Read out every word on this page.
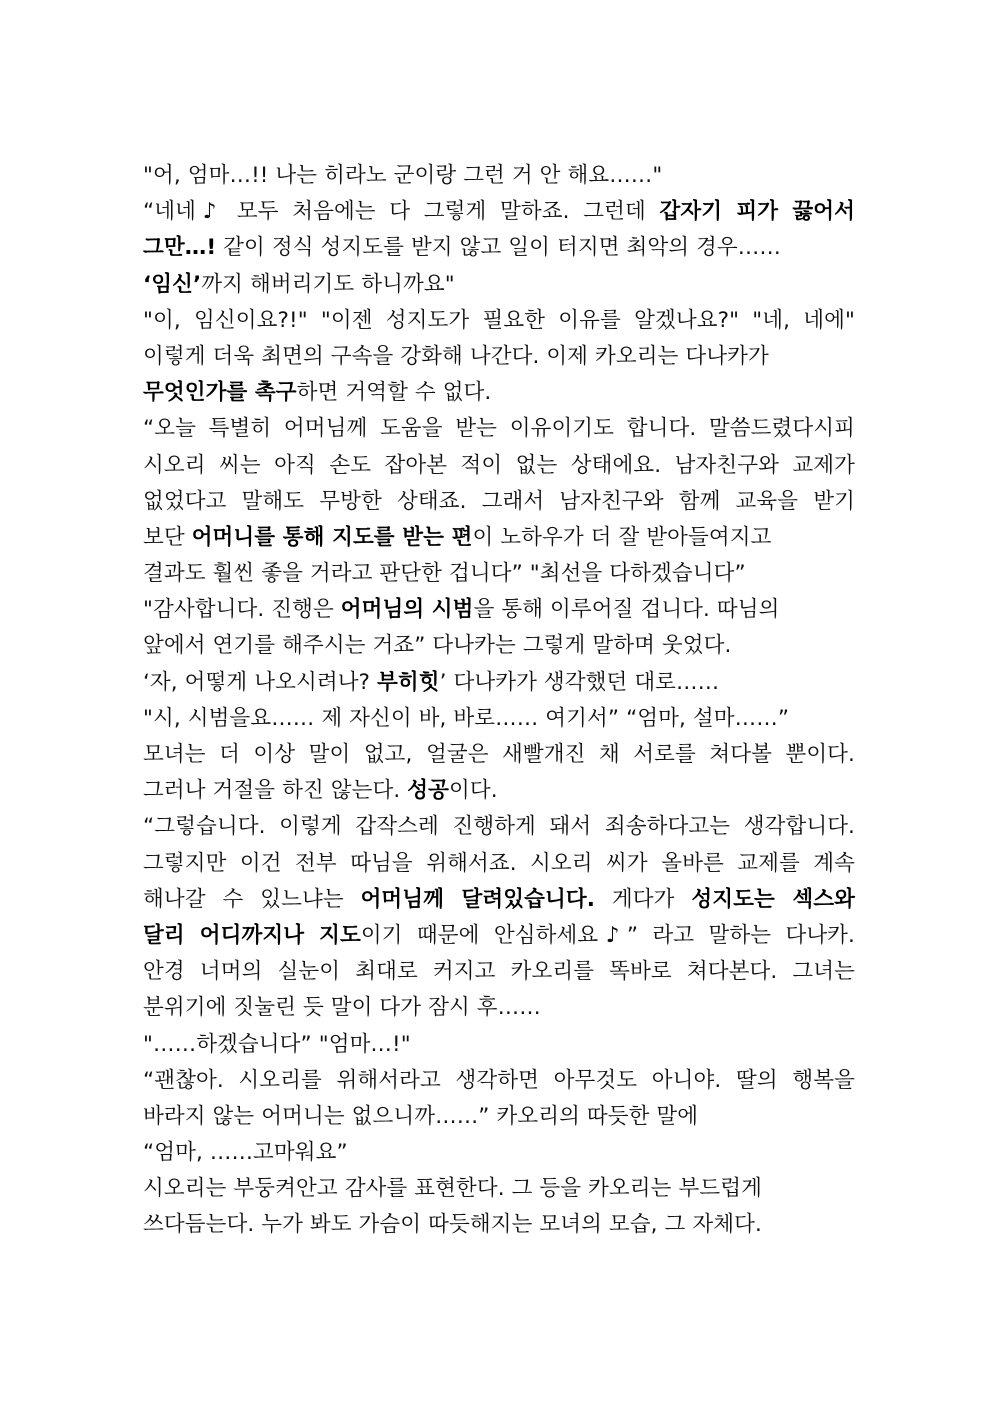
"어, 엄마…!! 나는 히라노 군이랑 그런 거 안 해요……"
“네네♪ 모두 처음에는 다 그렇게 말하죠. 그런데 갑자기 피가 끓어서
그만…! 같이 정식 성지도를 받지 않고 일이 터지면 최악의 경우……
‘임신’까지 해버리기도 하니까요"
"이, 임신이요?!" "이젠 성지도가 필요한 이유를 알겠나요?" "네, 네에"
이렇게 더욱 최면의 구속을 강화해 나간다. 이제 카오리는 다나카가
무엇인가를 촉구하면 거역할 수 없다.
“오늘 특별히 어머님께 도움을 받는 이유이기도 합니다. 말씀드렸다시피
시오리 씨는 아직 손도 잡아본 적이 없는 상태에요. 남자친구와 교제가
없었다고 말해도 무방한 상태죠. 그래서 남자친구와 함께 교육을 받기
보단 어머니를 통해 지도를 받는 편이 노하우가 더 잘 받아들여지고
결과도 훨씬 좋을 거라고 판단한 겁니다” "최선을 다하겠습니다”
"감사합니다. 진행은 어머님의 시범을 통해 이루어질 겁니다. 따님의
앞에서 연기를 해주시는 거죠” 다나카는 그렇게 말하며 웃었다.
‘자, 어떻게 나오시려나? 부히힛’ 다나카가 생각했던 대로……
"시, 시범을요…… 제 자신이 바, 바로…… 여기서” “엄마, 설마……”
모녀는 더 이상 말이 없고, 얼굴은 새빨개진 채 서로를 쳐다볼 뿐이다.
그러나 거절을 하진 않는다. 성공이다.
“그렇습니다. 이렇게 갑작스레 진행하게 돼서 죄송하다고는 생각합니다.
그렇지만 이건 전부 따님을 위해서죠. 시오리 씨가 올바른 교제를 계속
해나갈 수 있느냐는 어머님께 달려있습니다. 게다가 성지도는 섹스와
달리 어디까지나 지도이기 때문에 안심하세요♪” 라고 말하는 다나카.
안경 너머의 실눈이 최대로 커지고 카오리를 똑바로 쳐다본다. 그녀는
분위기에 짓눌린 듯 말이 다가 잠시 후……
"……하겠습니다” "엄마…!"
“괜찮아. 시오리를 위해서라고 생각하면 아무것도 아니야. 딸의 행복을
바라지 않는 어머니는 없으니까……” 카오리의 따듯한 말에
“엄마, ……고마워요”
시오리는 부둥켜안고 감사를 표현한다. 그 등을 카오리는 부드럽게
쓰다듬는다. 누가 봐도 가슴이 따듯해지는 모녀의 모습, 그 자체다.
